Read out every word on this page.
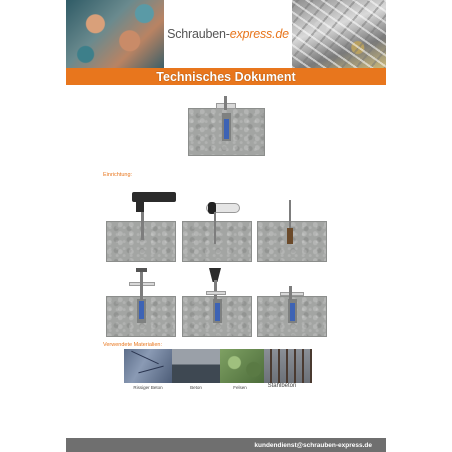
Schrauben-express.de
Technisches Dokument
Einrichtung:
Verwendete Materialien:
Rissiger Beton	Beton	Felsen	Stahlbeton
kundendienst@schrauben-express.de
